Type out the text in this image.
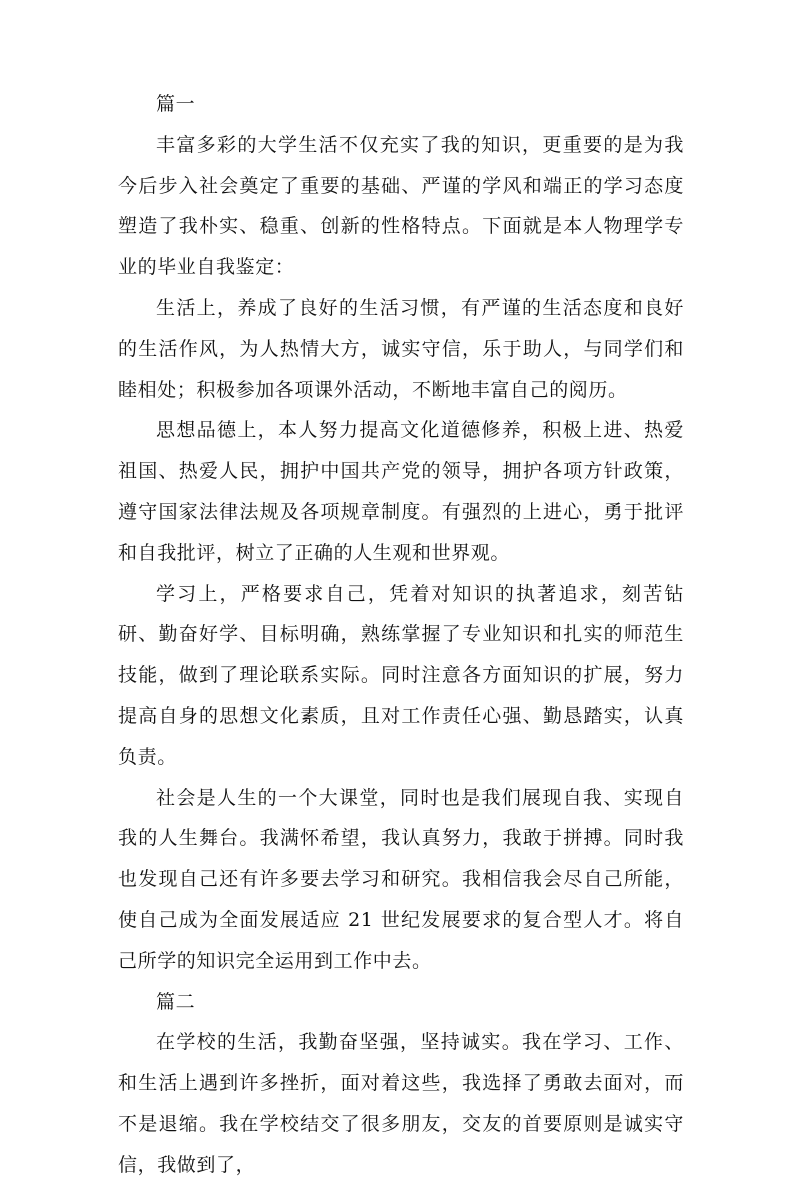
篇一

丰富多彩的大学生活不仅充实了我的知识，更重要的是为我今后步入社会奠定了重要的基础、严谨的学风和端正的学习态度塑造了我朴实、稳重、创新的性格特点。下面就是本人物理学专业的毕业自我鉴定：

生活上，养成了良好的生活习惯，有严谨的生活态度和良好的生活作风，为人热情大方，诚实守信，乐于助人，与同学们和睦相处；积极参加各项课外活动，不断地丰富自己的阅历。

思想品德上，本人努力提高文化道德修养，积极上进、热爱祖国、热爱人民，拥护中国共产党的领导，拥护各项方针政策，遵守国家法律法规及各项规章制度。有强烈的上进心，勇于批评和自我批评，树立了正确的人生观和世界观。

学习上，严格要求自己，凭着对知识的执著追求，刻苦钻研、勤奋好学、目标明确，熟练掌握了专业知识和扎实的师范生技能，做到了理论联系实际。同时注意各方面知识的扩展，努力提高自身的思想文化素质，且对工作责任心强、勤恳踏实，认真负责。

社会是人生的一个大课堂，同时也是我们展现自我、实现自我的人生舞台。我满怀希望，我认真努力，我敢于拼搏。同时我也发现自己还有许多要去学习和研究。我相信我会尽自己所能，使自己成为全面发展适应 21 世纪发展要求的复合型人才。将自己所学的知识完全运用到工作中去。

篇二

在学校的生活，我勤奋坚强，坚持诚实。我在学习、工作、和生活上遇到许多挫折，面对着这些，我选择了勇敢去面对，而不是退缩。我在学校结交了很多朋友，交友的首要原则是诚实守信，我做到了，
